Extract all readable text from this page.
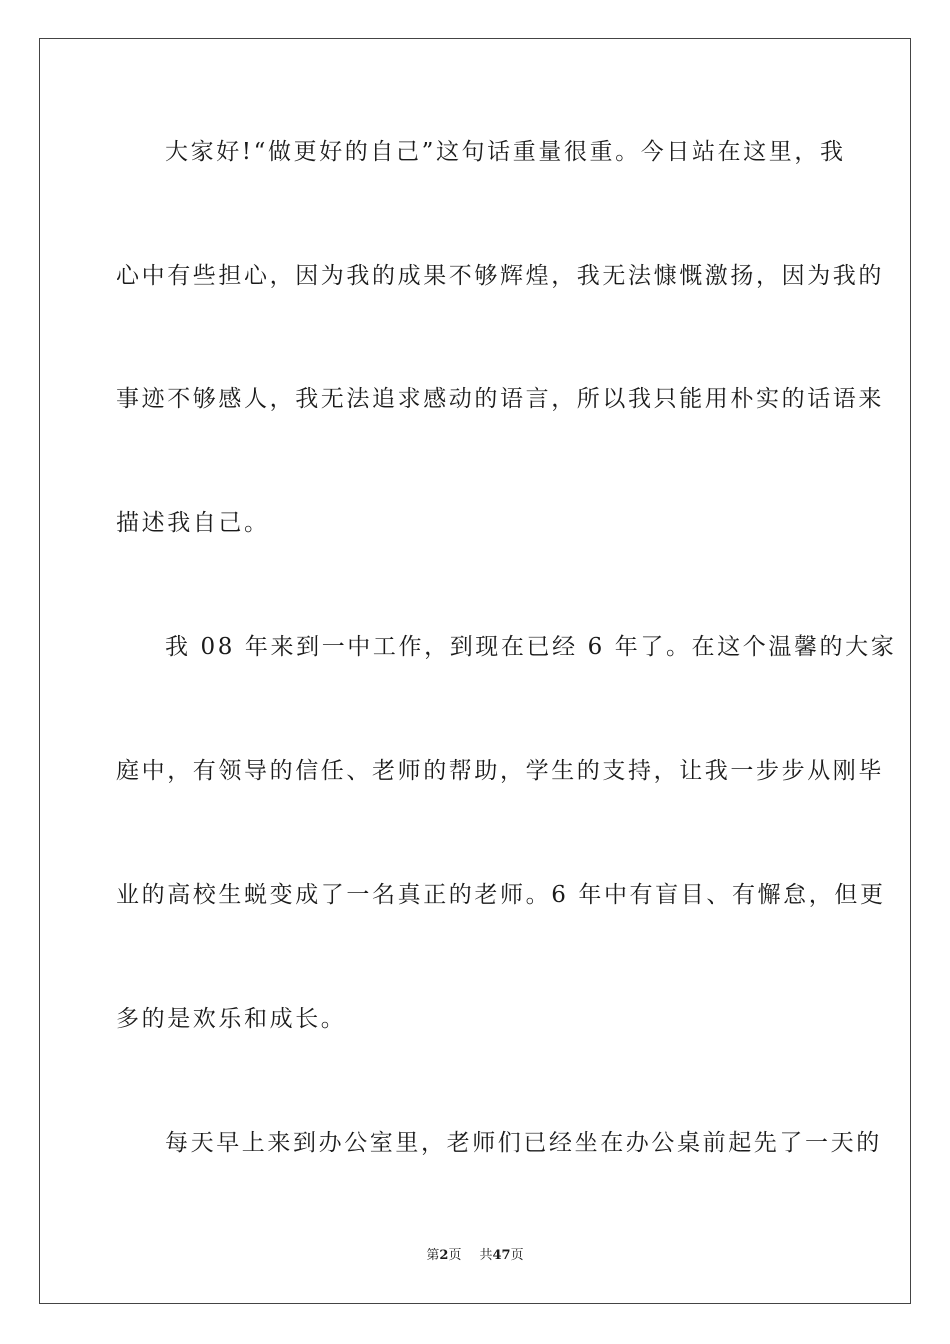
大家好!“做更好的自己”这句话重量很重。今日站在这里，我

心中有些担心，因为我的成果不够辉煌，我无法慷慨激扬，因为我的

事迹不够感人，我无法追求感动的语言，所以我只能用朴实的话语来

描述我自己。

我 08 年来到一中工作，到现在已经 6 年了。在这个温馨的大家

庭中，有领导的信任、老师的帮助，学生的支持，让我一步步从刚毕

业的高校生蜕变成了一名真正的老师。6 年中有盲目、有懈怠，但更

多的是欢乐和成长。

每天早上来到办公室里，老师们已经坐在办公桌前起先了一天的

第2页 共47页
